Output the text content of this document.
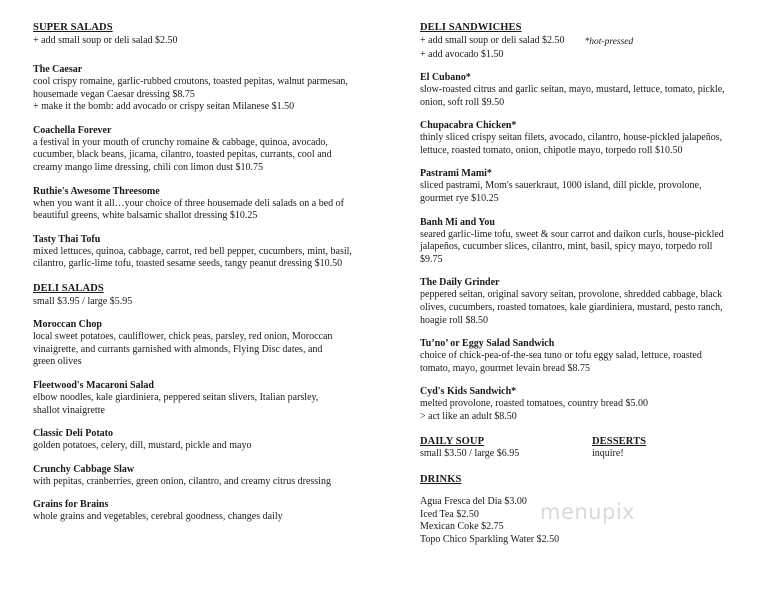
SUPER SALADS
+ add small soup or deli salad $2.50
The Caesar
cool crispy romaine, garlic-rubbed croutons, toasted pepitas, walnut parmesan,
housemade vegan Caesar dressing $8.75
+ make it the bomb: add avocado or crispy seitan Milanese $1.50
Coachella Forever
a festival in your mouth of crunchy romaine & cabbage, quinoa, avocado,
cucumber, black beans, jicama, cilantro, toasted pepitas, currants, cool and
creamy mango lime dressing, chili con limon dust $10.75
Ruthie's Awesome Threesome
when you want it all…your choice of three housemade deli salads on a bed of
beautiful greens, white balsamic shallot dressing $10.25
Tasty Thai Tofu
mixed lettuces, quinoa, cabbage, carrot, red bell pepper, cucumbers, mint, basil,
cilantro, garlic-lime tofu, toasted sesame seeds, tangy peanut dressing $10.50
DELI SALADS
small $3.95 / large $5.95
Moroccan Chop
local sweet potatoes, cauliflower, chick peas, parsley, red onion, Moroccan
vinaigrette, and currants garnished with almonds, Flying Disc dates, and
green olives
Fleetwood's Macaroni Salad
elbow noodles, kale giardiniera, peppered seitan slivers, Italian parsley,
shallot vinaigrette
Classic Deli Potato
golden potatoes, celery, dill, mustard, pickle and mayo
Crunchy Cabbage Slaw
with pepitas, cranberries, green onion, cilantro, and creamy citrus dressing
Grains for Brains
whole grains and vegetables, cerebral goodness, changes daily
DELI SANDWICHES
+ add small soup or deli salad $2.50 *hot-pressed
+ add avocado $1.50
El Cubano*
slow-roasted citrus and garlic seitan, mayo, mustard, lettuce, tomato, pickle,
onion, soft roll $9.50
Chupacabra Chicken*
thinly sliced crispy seitan filets, avocado, cilantro, house-pickled jalapeños,
lettuce, roasted tomato, onion, chipotle mayo, torpedo roll $10.50
Pastrami Mami*
sliced pastrami, Mom's sauerkraut, 1000 island, dill pickle, provolone,
gourmet rye $10.25
Banh Mi and You
seared garlic-lime tofu, sweet & sour carrot and daikon curls, house-pickled
jalapeños, cucumber slices, cilantro, mint, basil, spicy mayo, torpedo roll
$9.75
The Daily Grinder
peppered seitan, original savory seitan, provolone, shredded cabbage, black
olives, cucumbers, roasted tomatoes, kale giardiniera, mustard, pesto ranch,
hoagie roll $8.50
Tu’no’ or Eggy Salad Sandwich
choice of chick-pea-of-the-sea tuno or tofu eggy salad, lettuce, roasted
tomato, mayo, gourmet levain bread $8.75
Cyd's Kids Sandwich*
melted provolone, roasted tomatoes, country bread $5.00
> act like an adult $8.50
DAILY SOUP
small $3.50 / large $6.95
DESSERTS
inquire!
DRINKS
Agua Fresca del Dia $3.00
Iced Tea $2.50
Mexican Coke $2.75
Topo Chico Sparkling Water $2.50
menupix
